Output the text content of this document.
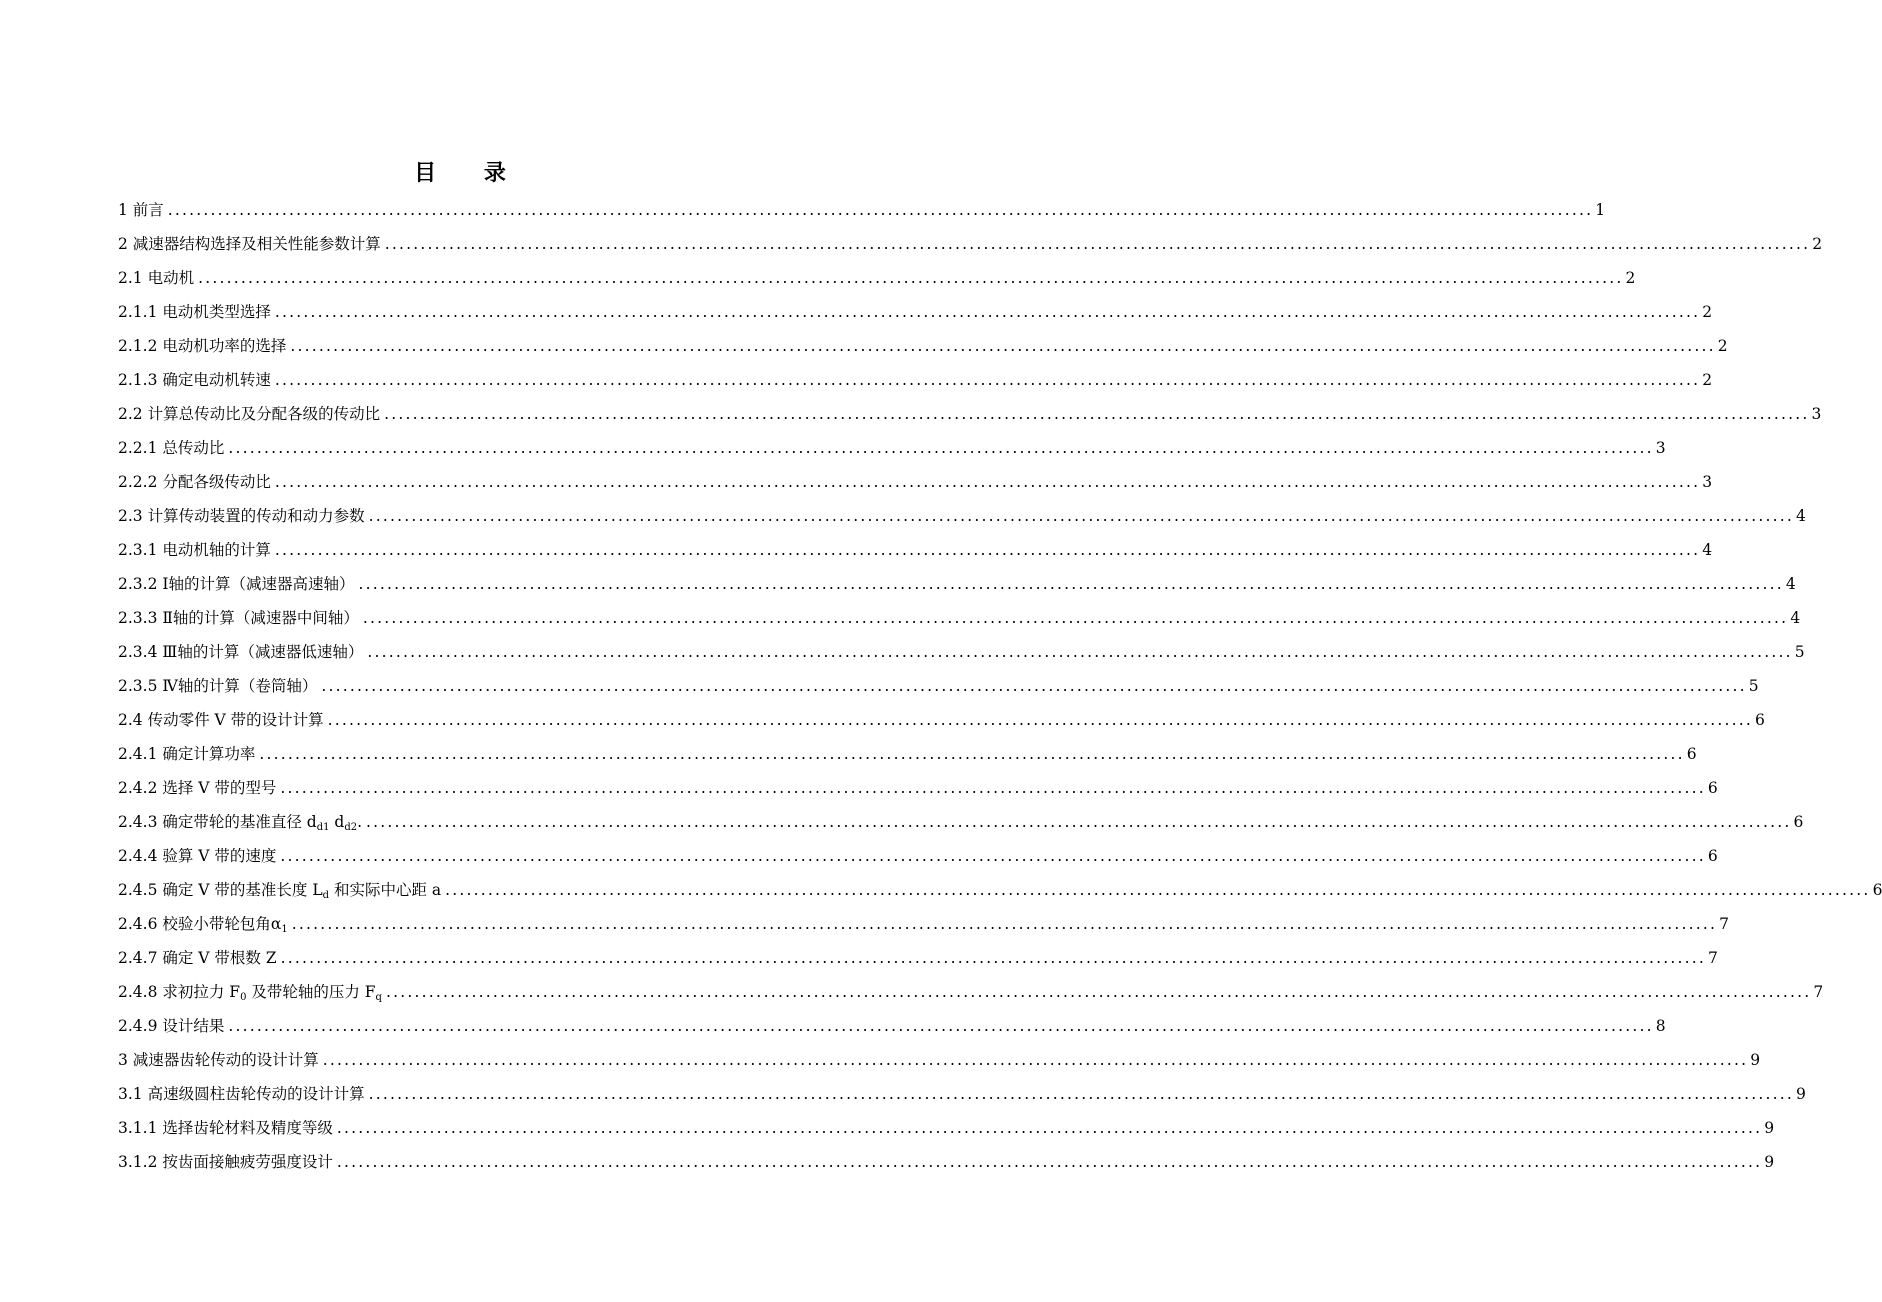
目 录
1 前言 ........................................................................................................................................................................................................ 1
2 减速器结构选择及相关性能参数计算 ........................................................................................................................................................................................................ 2
2.1 电动机 ........................................................................................................................................................................................................ 2
2.1.1 电动机类型选择 ........................................................................................................................................................................................................ 2
2.1.2 电动机功率的选择 ........................................................................................................................................................................................................ 2
2.1.3 确定电动机转速 ........................................................................................................................................................................................................ 2
2.2 计算总传动比及分配各级的传动比 ........................................................................................................................................................................................................ 3
2.2.1 总传动比 ........................................................................................................................................................................................................ 3
2.2.2 分配各级传动比 ........................................................................................................................................................................................................ 3
2.3 计算传动装置的传动和动力参数 ........................................................................................................................................................................................................ 4
2.3.1 电动机轴的计算 ........................................................................................................................................................................................................ 4
2.3.2 Ⅰ轴的计算（减速器高速轴） ........................................................................................................................................................................................................ 4
2.3.3 Ⅱ轴的计算（减速器中间轴） ........................................................................................................................................................................................................ 4
2.3.4 Ⅲ轴的计算（减速器低速轴） ........................................................................................................................................................................................................ 5
2.3.5 Ⅳ轴的计算（卷筒轴） ........................................................................................................................................................................................................ 5
2.4 传动零件 V 带的设计计算 ........................................................................................................................................................................................................ 6
2.4.1 确定计算功率 ........................................................................................................................................................................................................ 6
2.4.2 选择 V 带的型号 ........................................................................................................................................................................................................ 6
2.4.3 确定带轮的基准直径 $d_{d1}$ $d_{d2}$. ........................................................................................................................................................................................................ 6
2.4.4 验算 V 带的速度 ........................................................................................................................................................................................................ 6
2.4.5 确定 V 带的基准长度 $L_d$ 和实际中心距 a ........................................................................................................................................................................................................ 6
2.4.6 校验小带轮包角$\alpha_1$ ........................................................................................................................................................................................................ 7
2.4.7 确定 V 带根数 Z ........................................................................................................................................................................................................ 7
2.4.8 求初拉力 $F_0$ 及带轮轴的压力 $F_q$ ........................................................................................................................................................................................................ 7
2.4.9 设计结果 ........................................................................................................................................................................................................ 8
3 减速器齿轮传动的设计计算 ........................................................................................................................................................................................................ 9
3.1 高速级圆柱齿轮传动的设计计算 ........................................................................................................................................................................................................ 9
3.1.1 选择齿轮材料及精度等级 ........................................................................................................................................................................................................ 9
3.1.2 按齿面接触疲劳强度设计 ........................................................................................................................................................................................................ 9
